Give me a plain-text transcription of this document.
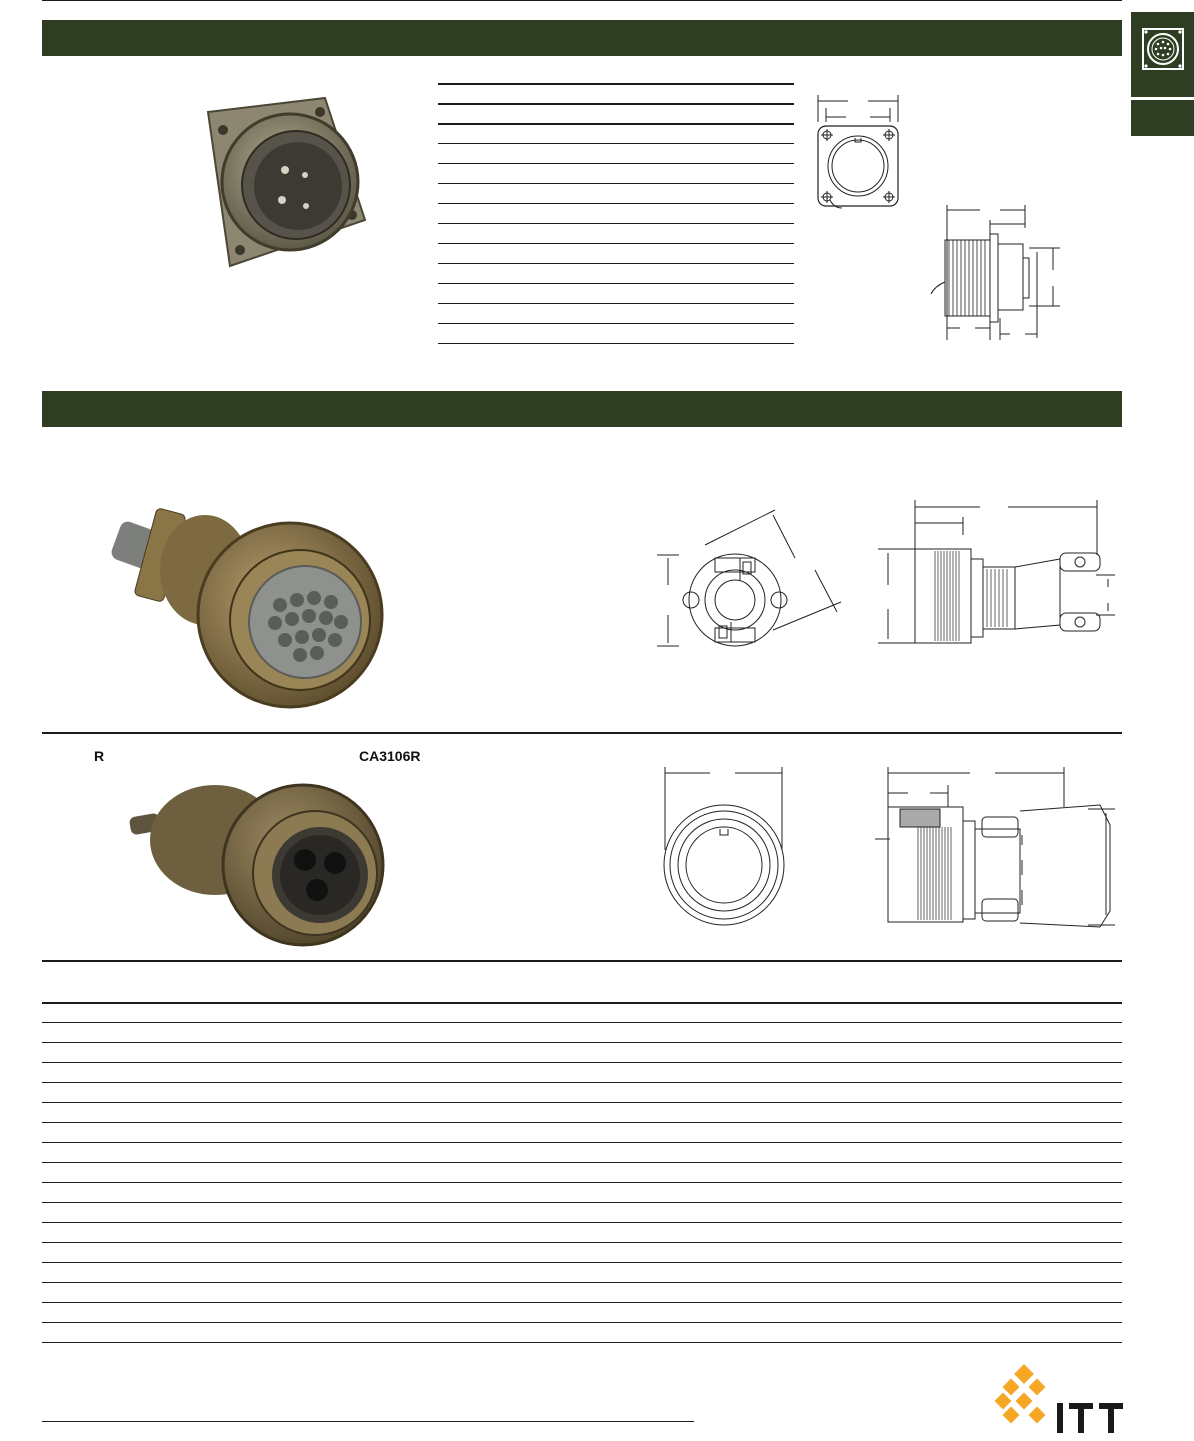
R	CA3106R
